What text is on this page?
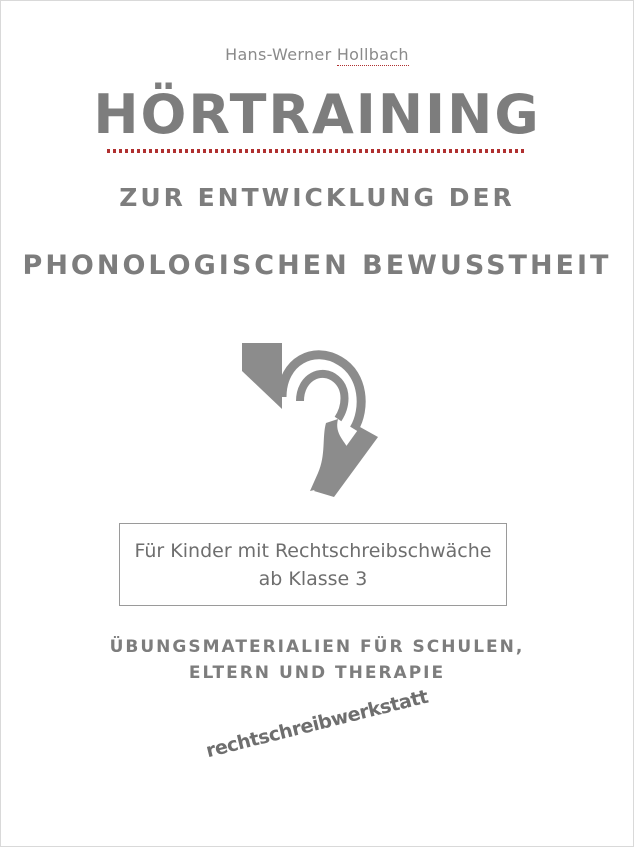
Hans-Werner Hollbach
HÖRTRAINING
ZUR ENTWICKLUNG DER
PHONOLOGISCHEN BEWUSSTHEIT
Für Kinder mit Rechtschreibschwäche
ab Klasse 3
ÜBUNGSMATERIALIEN FÜR SCHULEN,
ELTERN UND THERAPIE
rechtschreibwerkstatt
